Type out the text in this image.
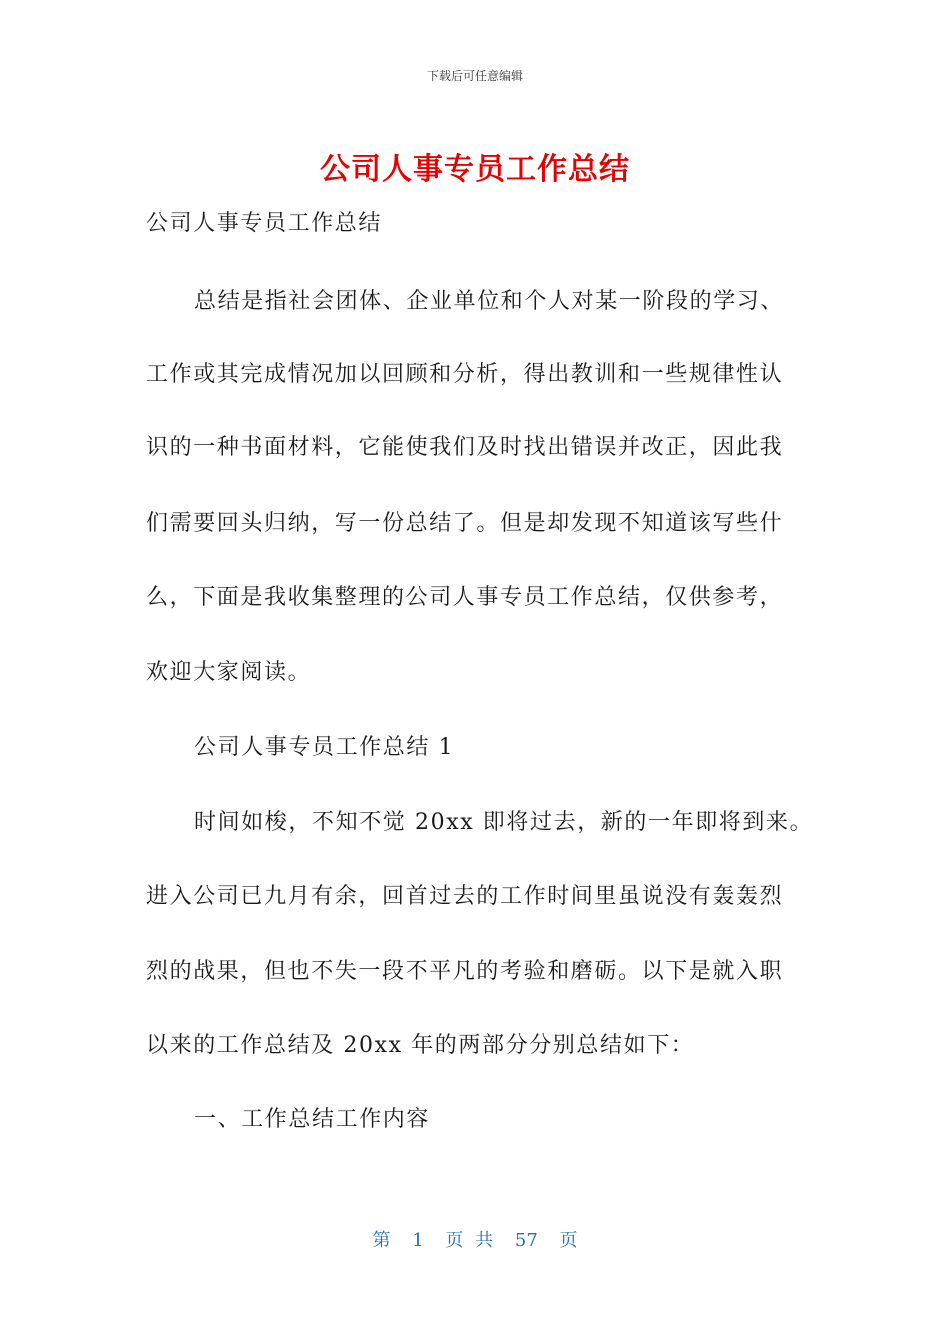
下载后可任意编辑
公司人事专员工作总结
公司人事专员工作总结
总结是指社会团体、企业单位和个人对某一阶段的学习、
工作或其完成情况加以回顾和分析，得出教训和一些规律性认
识的一种书面材料，它能使我们及时找出错误并改正，因此我
们需要回头归纳，写一份总结了。但是却发现不知道该写些什
么，下面是我收集整理的公司人事专员工作总结，仅供参考，
欢迎大家阅读。
公司人事专员工作总结 1
时间如梭，不知不觉 20xx 即将过去，新的一年即将到来。
进入公司已九月有余，回首过去的工作时间里虽说没有轰轰烈
烈的战果，但也不失一段不平凡的考验和磨砺。以下是就入职
以来的工作总结及 20xx 年的两部分分别总结如下：
一、工作总结工作内容
第 1 页 共 57 页
